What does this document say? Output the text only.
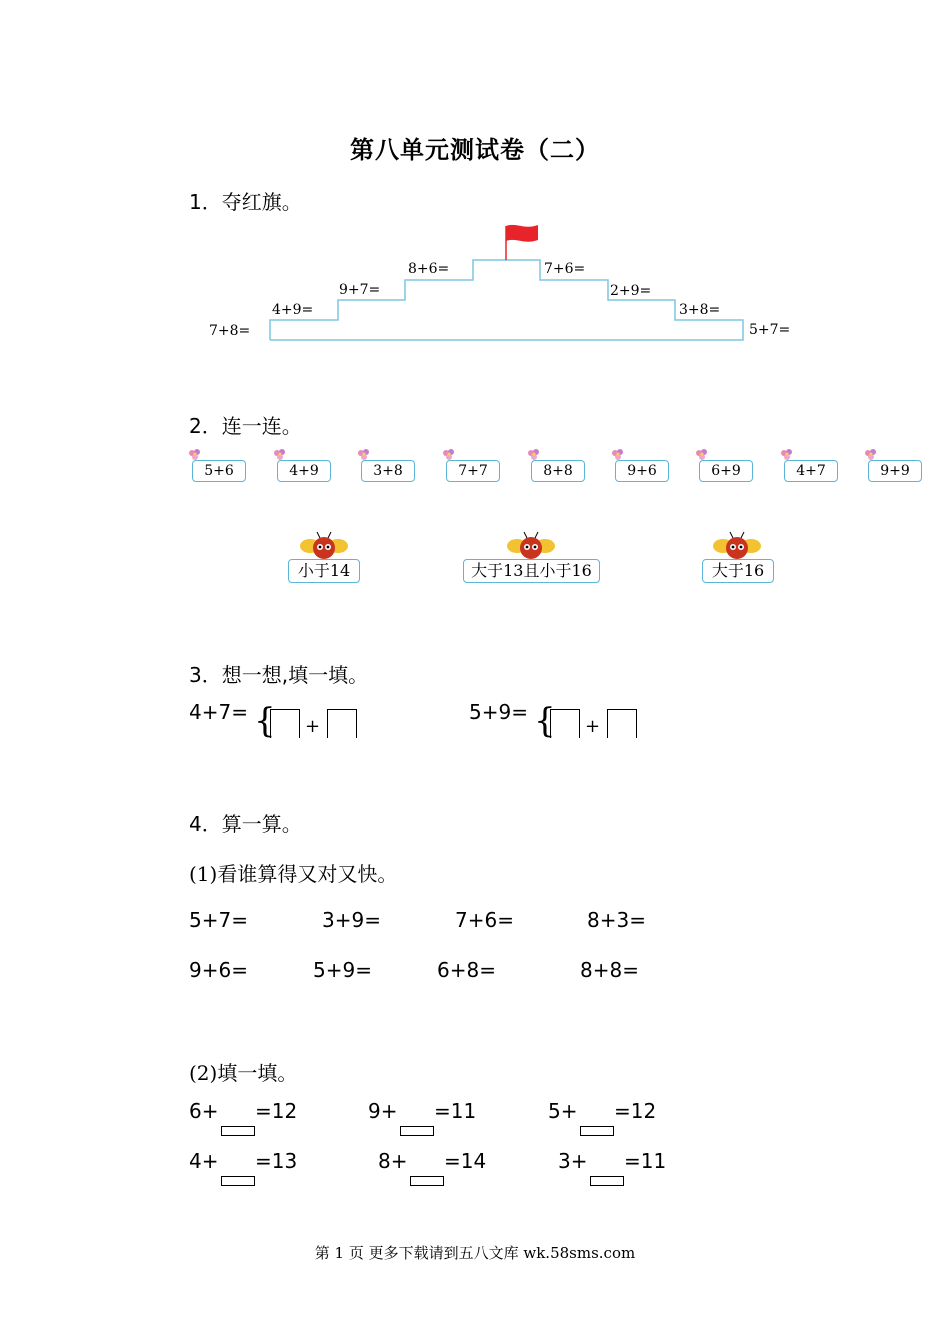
第八单元测试卷（二）
1．夺红旗。
7+8=
4+9=
9+7=
8+6=	7+6=
2+9=
3+8=
5+7=
2．连一连。
5+6	4+9	3+8	7+7	8+8	9+6	6+9	4+7	9+9
小于14	大于13且小于16	大于16
3．想一想,填一填。
4+7= { +
5+9= { +
4．算一算。
(1)看谁算得又对又快。
5+7=	3+9=	7+6=	8+3=
9+6=	5+9=	6+8=	8+8=
(2)填一填。
6+ =12	9+ =11	5+ =12
4+ =13	8+ =14	3+ =11
第 1 页 更多下载请到五八文库 wk.58sms.com
